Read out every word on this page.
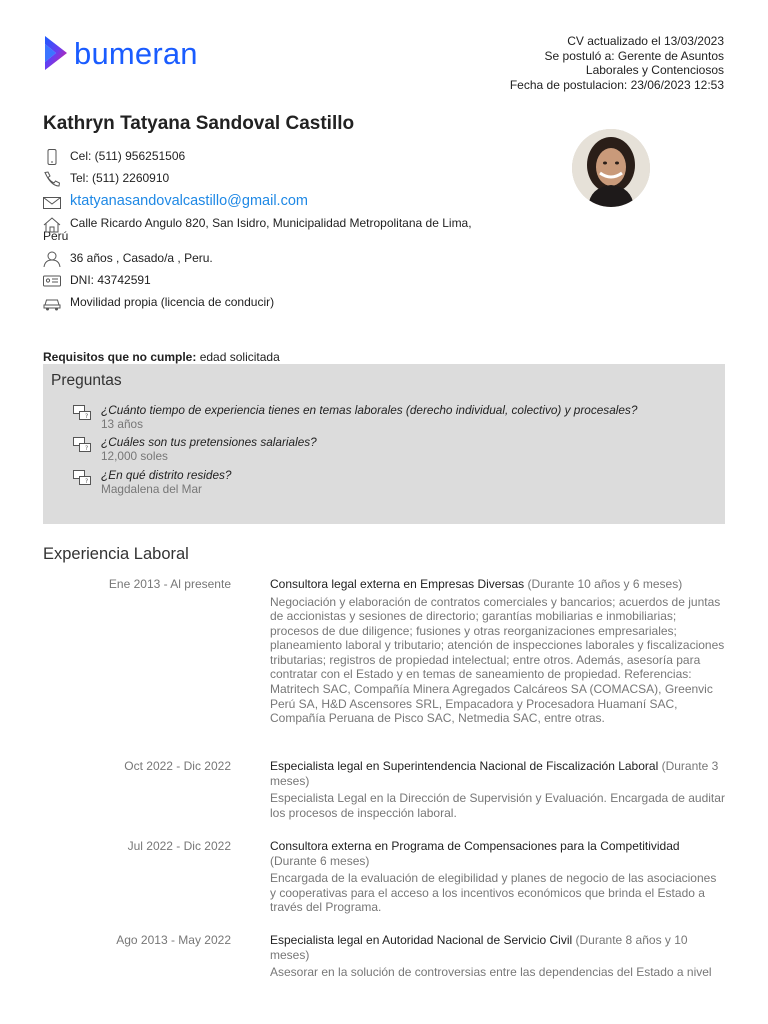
bumeran	CV actualizado el 13/03/2023
Se postuló a: Gerente de Asuntos Laborales y Contenciosos
Fecha de postulacion: 23/06/2023 12:53
Kathryn Tatyana Sandoval Castillo
Cel: (511) 956251506
Tel: (511) 2260910
ktatyanasandovalcastillo@gmail.com
Calle Ricardo Angulo 820, San Isidro, Municipalidad Metropolitana de Lima, Perú
36 años , Casado/a , Peru.
DNI: 43742591
Movilidad propia (licencia de conducir)
Requisitos que no cumple: edad solicitada
Preguntas
?	¿Cuánto tiempo de experiencia tienes en temas laborales (derecho individual, colectivo) y procesales?
13 años
?	¿Cuáles son tus pretensiones salariales?
12,000 soles
?	¿En qué distrito resides?
Magdalena del Mar
Experiencia Laboral
Ene 2013 - Al presente	Consultora legal externa en Empresas Diversas (Durante 10 años y 6 meses)
Negociación y elaboración de contratos comerciales y bancarios; acuerdos de juntas de accionistas y sesiones de directorio; garantías mobiliarias e inmobiliarias; procesos de due diligence; fusiones y otras reorganizaciones empresariales; planeamiento laboral y tributario; atención de inspecciones laborales y fiscalizaciones tributarias; registros de propiedad intelectual; entre otros. Además, asesoría para contratar con el Estado y en temas de saneamiento de propiedad. Referencias: Matritech SAC, Compañía Minera Agregados Calcáreos SA (COMACSA), Greenvic Perú SA, H&D Ascensores SRL, Empacadora y Procesadora Huamaní SAC, Compañía Peruana de Pisco SAC, Netmedia SAC, entre otras.
Oct 2022 - Dic 2022	Especialista legal en Superintendencia Nacional de Fiscalización Laboral (Durante 3 meses)
Especialista Legal en la Dirección de Supervisión y Evaluación. Encargada de auditar los procesos de inspección laboral.
Jul 2022 - Dic 2022	Consultora externa en Programa de Compensaciones para la Competitividad (Durante 6 meses)
Encargada de la evaluación de elegibilidad y planes de negocio de las asociaciones y cooperativas para el acceso a los incentivos económicos que brinda el Estado a través del Programa.
Ago 2013 - May 2022	Especialista legal en Autoridad Nacional de Servicio Civil (Durante 8 años y 10 meses)
Asesorar en la solución de controversias entre las dependencias del Estado a nivel
